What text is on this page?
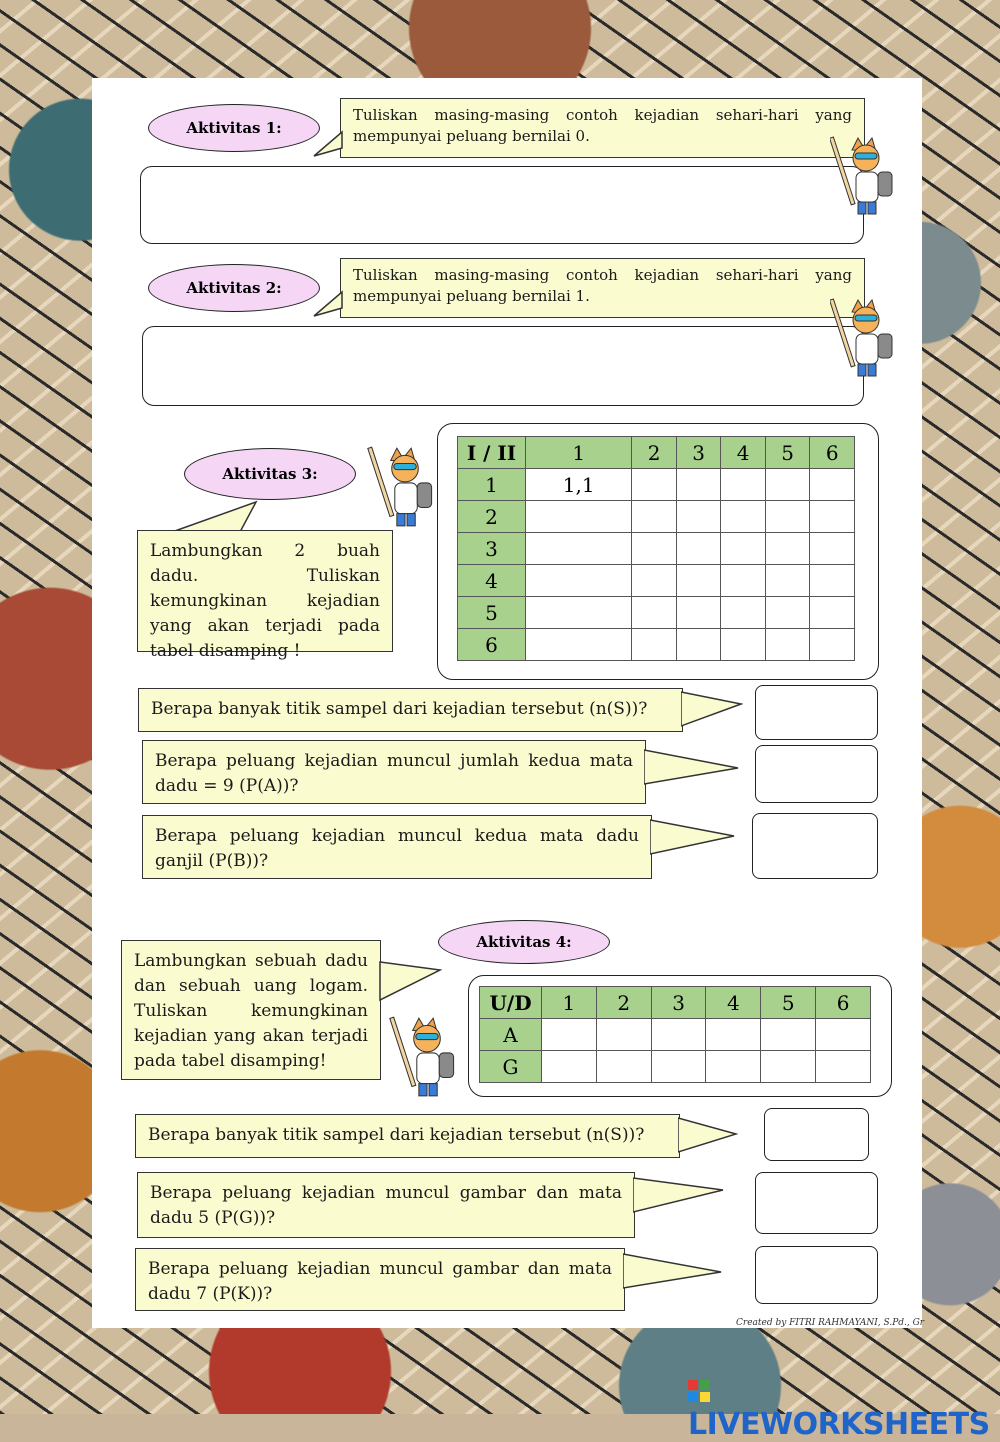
Aktivitas 1:
Tuliskan masing-masing contoh kejadian sehari-hari yang mempunyai peluang bernilai 0.
Aktivitas 2:
Tuliskan masing-masing contoh kejadian sehari-hari yang mempunyai peluang bernilai 1.
Aktivitas 3:
Lambungkan 2 buah dadu. Tuliskan kemungkinan kejadian yang akan terjadi pada tabel disamping !
I / II	1	2	3	4	5	6
1	1,1					
2						
3						
4						
5						
6						
Berapa banyak titik sampel dari kejadian tersebut (n(S))?
Berapa peluang kejadian muncul jumlah kedua mata dadu = 9 (P(A))?
Berapa peluang kejadian muncul kedua mata dadu ganjil (P(B))?
Aktivitas 4:
Lambungkan sebuah dadu dan sebuah uang logam. Tuliskan kemungkinan kejadian yang akan terjadi pada tabel disamping!
U/D	1	2	3	4	5	6
A						
G						
Berapa banyak titik sampel dari kejadian tersebut (n(S))?
Berapa peluang kejadian muncul gambar dan mata dadu 5 (P(G))?
Berapa peluang kejadian muncul gambar dan mata dadu 7 (P(K))?
Created by FITRI RAHMAYANI, S.Pd., Gr
LIVEWORKSHEETS
